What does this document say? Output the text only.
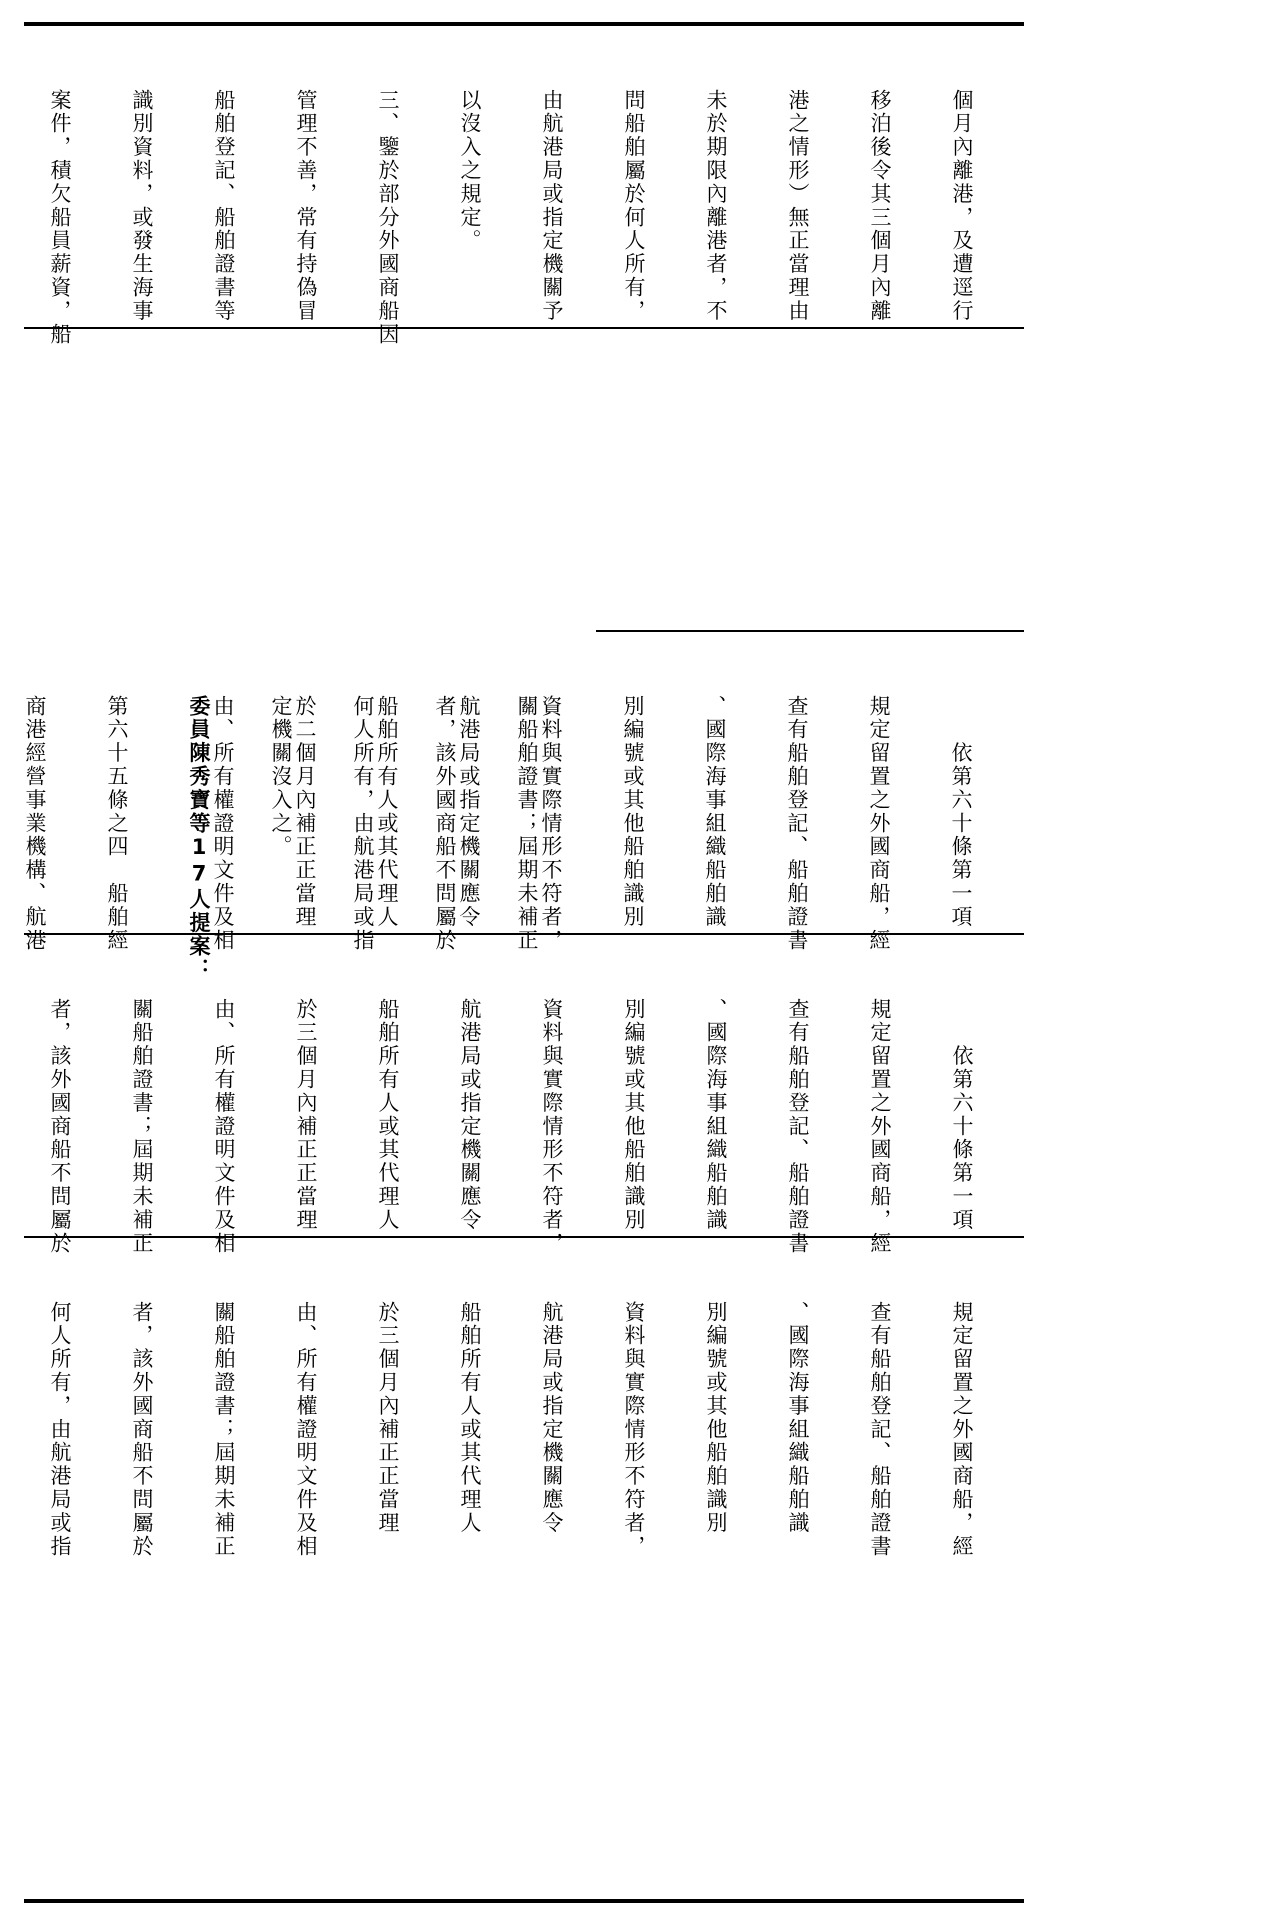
個月內離港，及遭逕行

移泊後令其三個月內離

港之情形）無正當理由

未於期限內離港者，不

問船舶屬於何人所有，

由航港局或指定機關予

以沒入之規定。

三、鑒於部分外國商船因

管理不善，常有持偽冒

船舶登記、船舶證書等

識別資料，或發生海事

案件，積欠船員薪資，船

　　依第六十條第一項

規定留置之外國商船，經

查有船舶登記、船舶證書

、國際海事組織船舶識

別編號或其他船舶識別

資料與實際情形不符者，

航港局或指定機關應令

船舶所有人或其代理人

於二個月內補正正當理

由、所有權證明文件及相

　　依第六十條第一項

規定留置之外國商船，經

查有船舶登記、船舶證書

、國際海事組織船舶識

別編號或其他船舶識別

資料與實際情形不符者，

航港局或指定機關應令

船舶所有人或其代理人

於三個月內補正正當理

由、所有權證明文件及相

關船舶證書；屆期未補正

者，該外國商船不問屬於

關船舶證書；屆期未補正

者，該外國商船不問屬於

何人所有，由航港局或指

定機關沒入之。

委員陳秀寶等17人提案：

第六十五條之四　船舶經

商港經營事業機構、航港

規定留置之外國商船，經

查有船舶登記、船舶證書

、國際海事組織船舶識

別編號或其他船舶識別

資料與實際情形不符者，

航港局或指定機關應令

船舶所有人或其代理人

於三個月內補正正當理

由、所有權證明文件及相

關船舶證書；屆期未補正

者，該外國商船不問屬於

何人所有，由航港局或指
